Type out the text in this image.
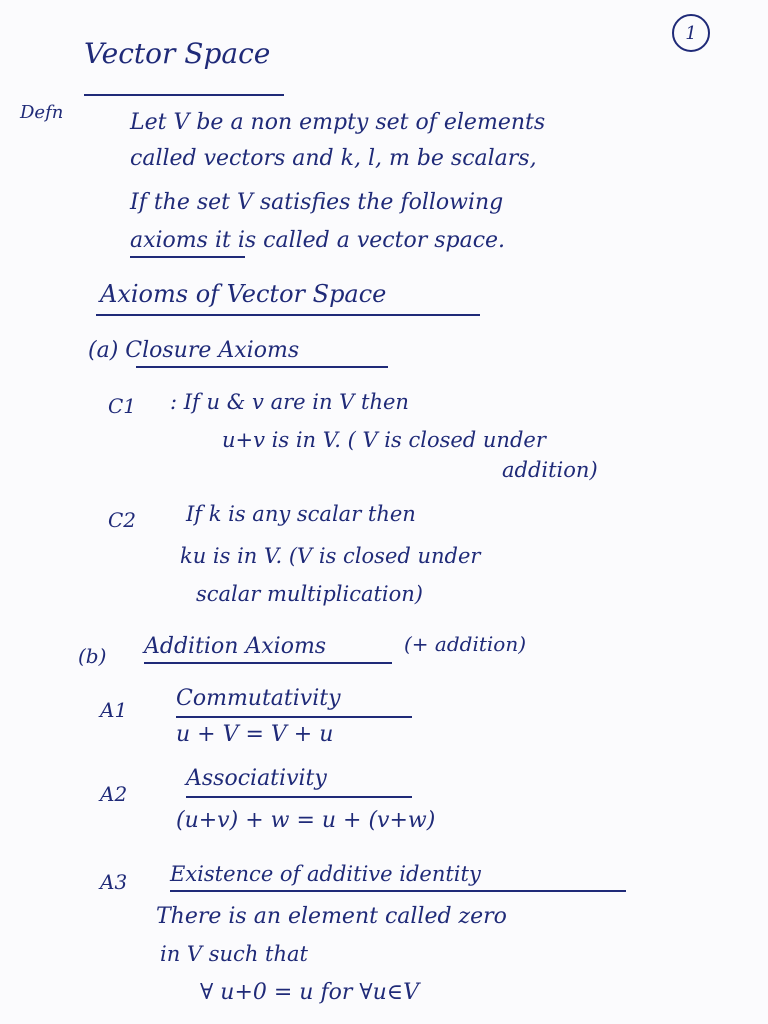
1
Vector Space
Defn	Let V be a non empty set of elements
called vectors and k, l, m be scalars,
If the set V satisfies the following
axioms it is called a vector space.
Axioms of Vector Space
(a) Closure Axioms
C1 : If u & v are in V then
u+v is in V. ( V is closed under
addition)
C2 If k is any scalar then
ku is in V. (V is closed under
scalar multiplication)
(b) Addition Axioms	(+ addition)
A1 Commutativity
u + V = V + u
A2
Associativity
(u+v) + w = u + (v+w)
A3 Existence of additive identity
There is an element called zero
in V such that
∀ u+0 = u for ∀u∈V
